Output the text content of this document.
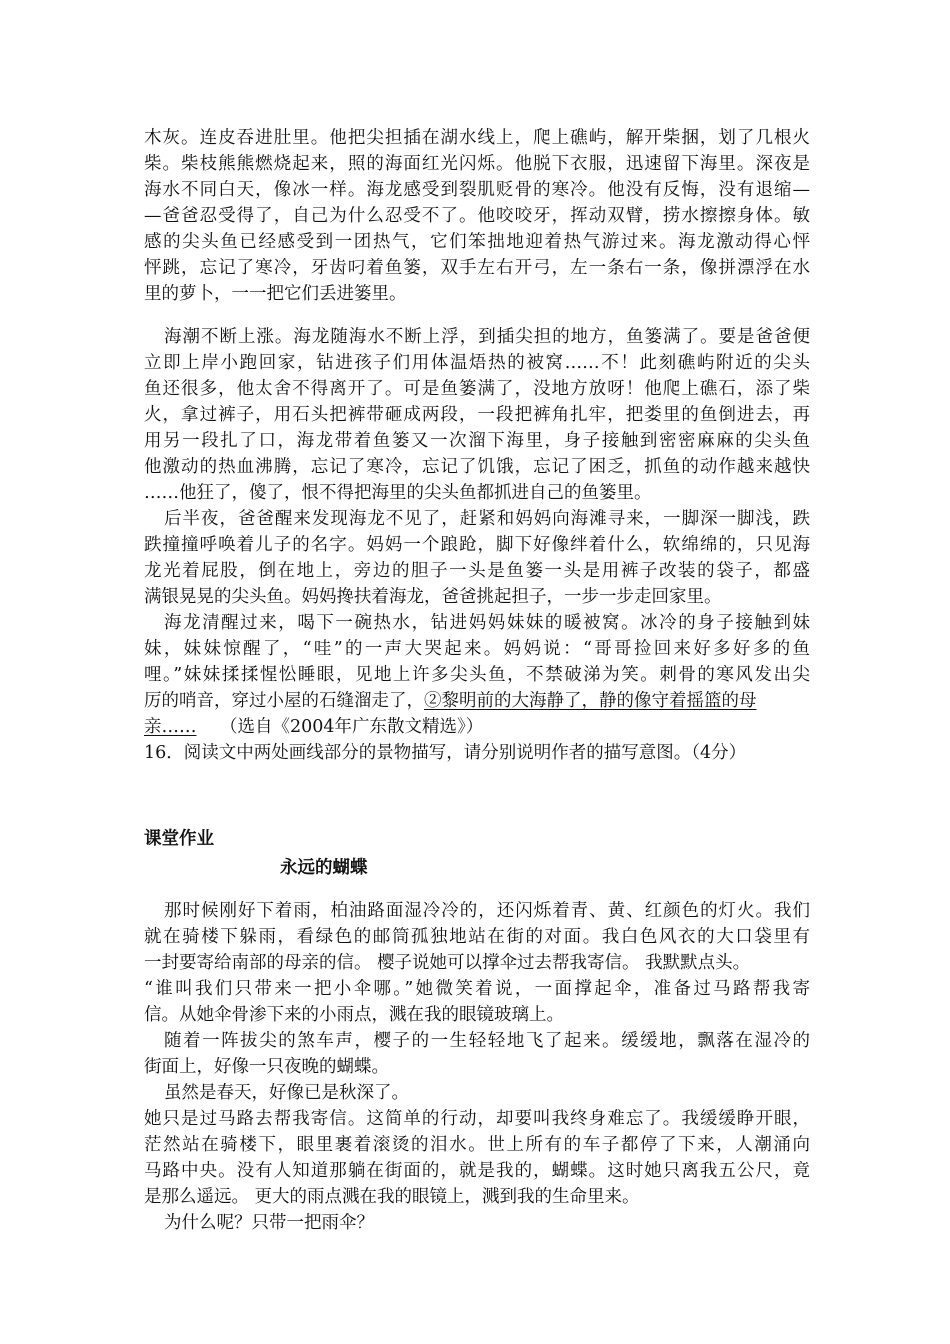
木灰。连皮吞进肚里。他把尖担插在湖水线上，爬上礁屿，解开柴捆，划了几根火
柴。柴枝熊熊燃烧起来，照的海面红光闪烁。他脱下衣服，迅速留下海里。深夜是
海水不同白天，像冰一样。海龙感受到裂肌贬骨的寒冷。他没有反悔，没有退缩—
—爸爸忍受得了，自己为什么忍受不了。他咬咬牙，挥动双臂，捞水擦擦身体。敏
感的尖头鱼已经感受到一团热气，它们笨拙地迎着热气游过来。海龙激动得心怦
怦跳，忘记了寒冷，牙齿叼着鱼篓，双手左右开弓，左一条右一条，像拼漂浮在水
里的萝卜，一一把它们丢进篓里。
海潮不断上涨。海龙随海水不断上浮，到插尖担的地方，鱼篓满了。要是爸爸便
立即上岸小跑回家，钻进孩子们用体温焐热的被窝……不！此刻礁屿附近的尖头
鱼还很多，他太舍不得离开了。可是鱼篓满了，没地方放呀！他爬上礁石，添了柴
火，拿过裤子，用石头把裤带砸成两段，一段把裤角扎牢，把娄里的鱼倒进去，再
用另一段扎了口，海龙带着鱼篓又一次溜下海里，身子接触到密密麻麻的尖头鱼
他激动的热血沸腾，忘记了寒冷，忘记了饥饿，忘记了困乏，抓鱼的动作越来越快
……他狂了，傻了，恨不得把海里的尖头鱼都抓进自己的鱼篓里。
后半夜，爸爸醒来发现海龙不见了，赶紧和妈妈向海滩寻来，一脚深一脚浅，跌
跌撞撞呼唤着儿子的名字。妈妈一个踉跄，脚下好像绊着什么，软绵绵的，只见海
龙光着屁股，倒在地上，旁边的胆子一头是鱼篓一头是用裤子改装的袋子，都盛
满银晃晃的尖头鱼。妈妈搀扶着海龙，爸爸挑起担子，一步一步走回家里。
海龙清醒过来，喝下一碗热水，钻进妈妈妹妹的暖被窝。冰冷的身子接触到妹
妹，妹妹惊醒了，“哇”的一声大哭起来。妈妈说：“哥哥捡回来好多好多的鱼
哩。”妹妹揉揉惺忪睡眼，见地上许多尖头鱼，不禁破涕为笑。刺骨的寒风发出尖
厉的哨音，穿过小屋的石缝溜走了，②黎明前的大海静了，静的像守着摇篮的母
亲…… （选自《2004年广东散文精选》）
16．阅读文中两处画线部分的景物描写，请分别说明作者的描写意图。（4分）
课堂作业
永远的蝴蝶
那时候刚好下着雨，柏油路面湿冷冷的，还闪烁着青、黄、红颜色的灯火。我们
就在骑楼下躲雨，看绿色的邮筒孤独地站在街的对面。我白色风衣的大口袋里有
一封要寄给南部的母亲的信。 樱子说她可以撑伞过去帮我寄信。 我默默点头。
“谁叫我们只带来一把小伞哪。”她微笑着说，一面撑起伞，准备过马路帮我寄
信。从她伞骨渗下来的小雨点，溅在我的眼镜玻璃上。
随着一阵拔尖的煞车声，樱子的一生轻轻地飞了起来。缓缓地，飘落在湿冷的
街面上，好像一只夜晚的蝴蝶。
虽然是春天，好像已是秋深了。
她只是过马路去帮我寄信。这简单的行动，却要叫我终身难忘了。我缓缓睁开眼，
茫然站在骑楼下，眼里裹着滚烫的泪水。世上所有的车子都停了下来，人潮涌向
马路中央。没有人知道那躺在街面的，就是我的，蝴蝶。这时她只离我五公尺，竟
是那么遥远。 更大的雨点溅在我的眼镜上，溅到我的生命里来。
为什么呢？只带一把雨伞？
